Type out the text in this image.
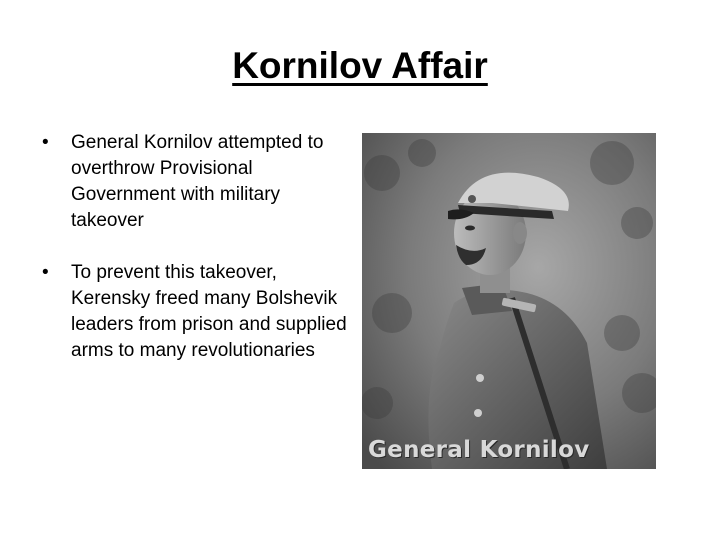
Kornilov Affair
• General Kornilov attempted to overthrow Provisional Government with military takeover
• To prevent this takeover, Kerensky freed many Bolshevik leaders from prison and supplied arms to many revolutionaries
General Kornilov
